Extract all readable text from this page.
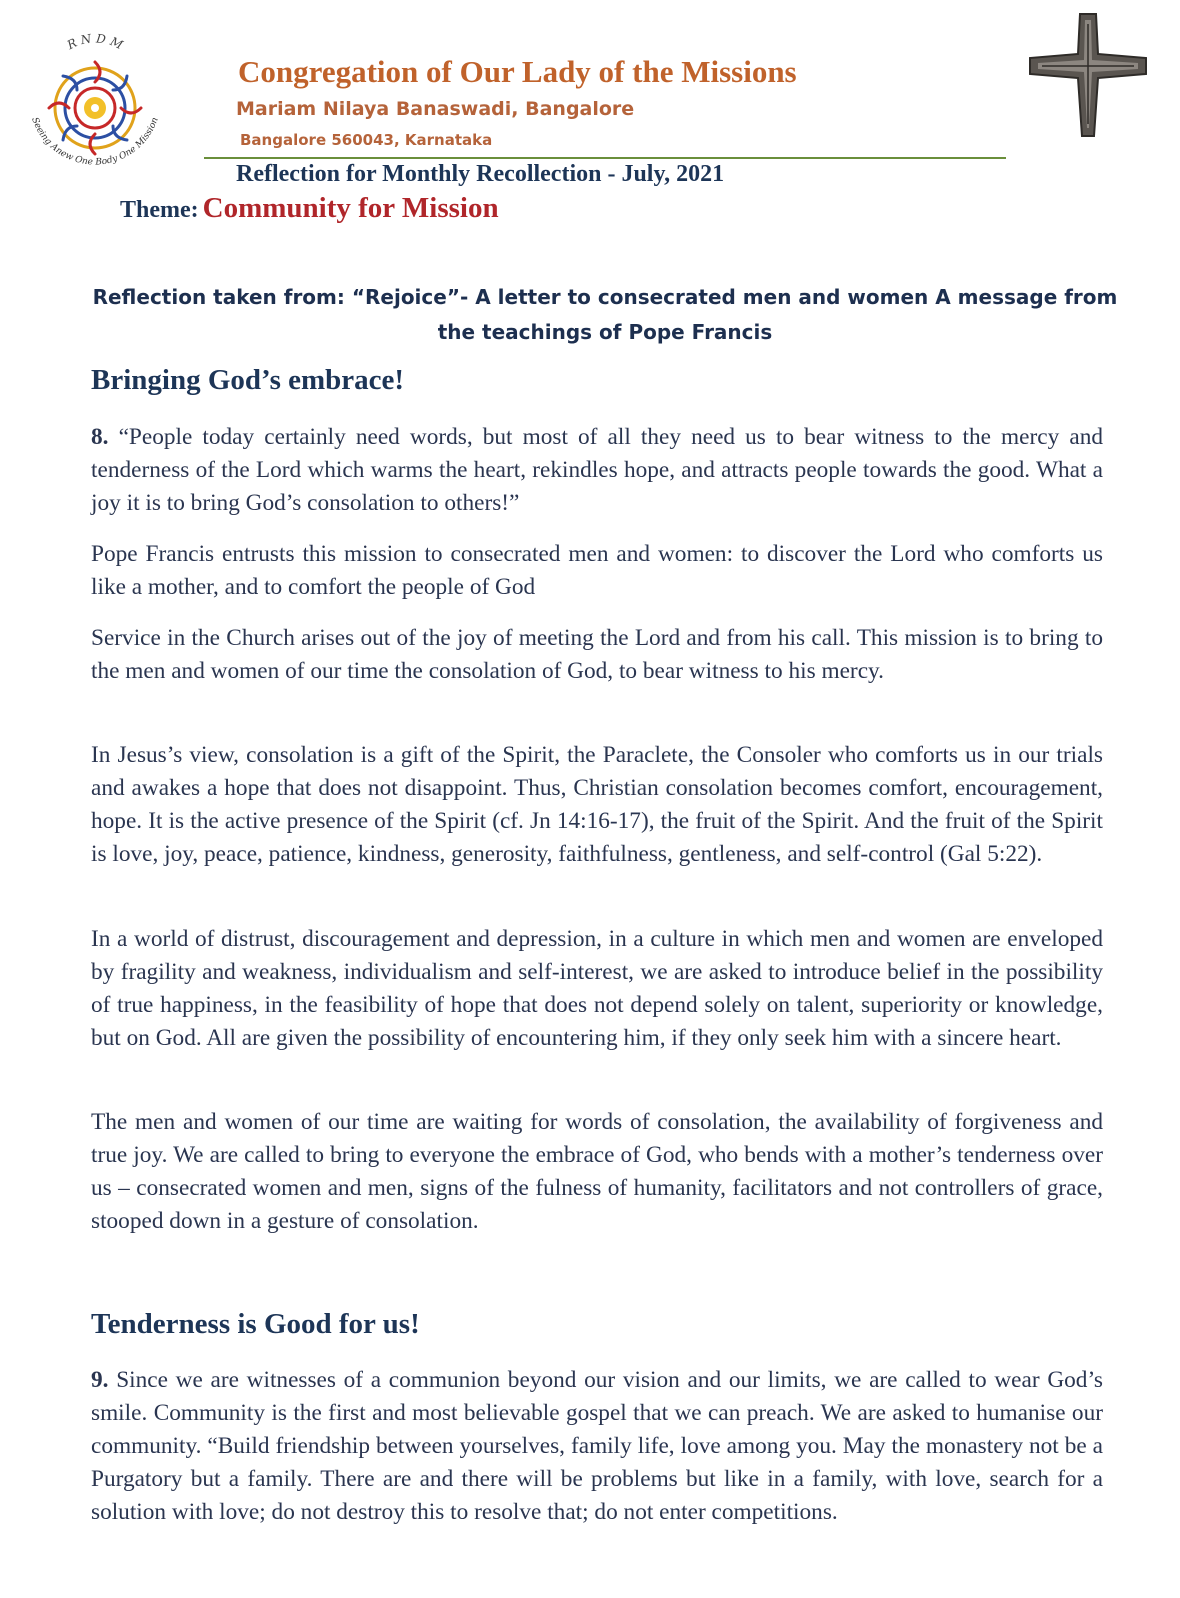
R N D M
Seeing Anew One Body One Mission
Congregation of Our Lady of the Missions
Mariam Nilaya Banaswadi, Bangalore
Bangalore 560043, Karnataka
Reflection for Monthly Recollection - July, 2021
Theme: Community for Mission
Reflection taken from: “Rejoice”- A letter to consecrated men and women A message from the teachings of Pope Francis
Bringing God’s embrace!

8. “People today certainly need words, but most of all they need us to bear witness to the mercy and tenderness of the Lord which warms the heart, rekindles hope, and attracts people towards the good. What a joy it is to bring God’s consolation to others!”

Pope Francis entrusts this mission to consecrated men and women: to discover the Lord who comforts us like a mother, and to comfort the people of God

Service in the Church arises out of the joy of meeting the Lord and from his call. This mission is to bring to the men and women of our time the consolation of God, to bear witness to his mercy.

In Jesus’s view, consolation is a gift of the Spirit, the Paraclete, the Consoler who comforts us in our trials and awakes a hope that does not disappoint. Thus, Christian consolation becomes comfort, encouragement, hope. It is the active presence of the Spirit (cf. Jn 14:16-17), the fruit of the Spirit. And the fruit of the Spirit is love, joy, peace, patience, kindness, generosity, faithfulness, gentleness, and self-control (Gal 5:22).

In a world of distrust, discouragement and depression, in a culture in which men and women are enveloped by fragility and weakness, individualism and self-interest, we are asked to introduce belief in the possibility of true happiness, in the feasibility of hope that does not depend solely on talent, superiority or knowledge, but on God. All are given the possibility of encountering him, if they only seek him with a sincere heart.

The men and women of our time are waiting for words of consolation, the availability of forgiveness and true joy. We are called to bring to everyone the embrace of God, who bends with a mother’s tenderness over us – consecrated women and men, signs of the fulness of humanity, facilitators and not controllers of grace, stooped down in a gesture of consolation.

Tenderness is Good for us!

9. Since we are witnesses of a communion beyond our vision and our limits, we are called to wear God’s smile. Community is the first and most believable gospel that we can preach. We are asked to humanise our community. “Build friendship between yourselves, family life, love among you. May the monastery not be a Purgatory but a family. There are and there will be problems but like in a family, with love, search for a solution with love; do not destroy this to resolve that; do not enter competitions.
